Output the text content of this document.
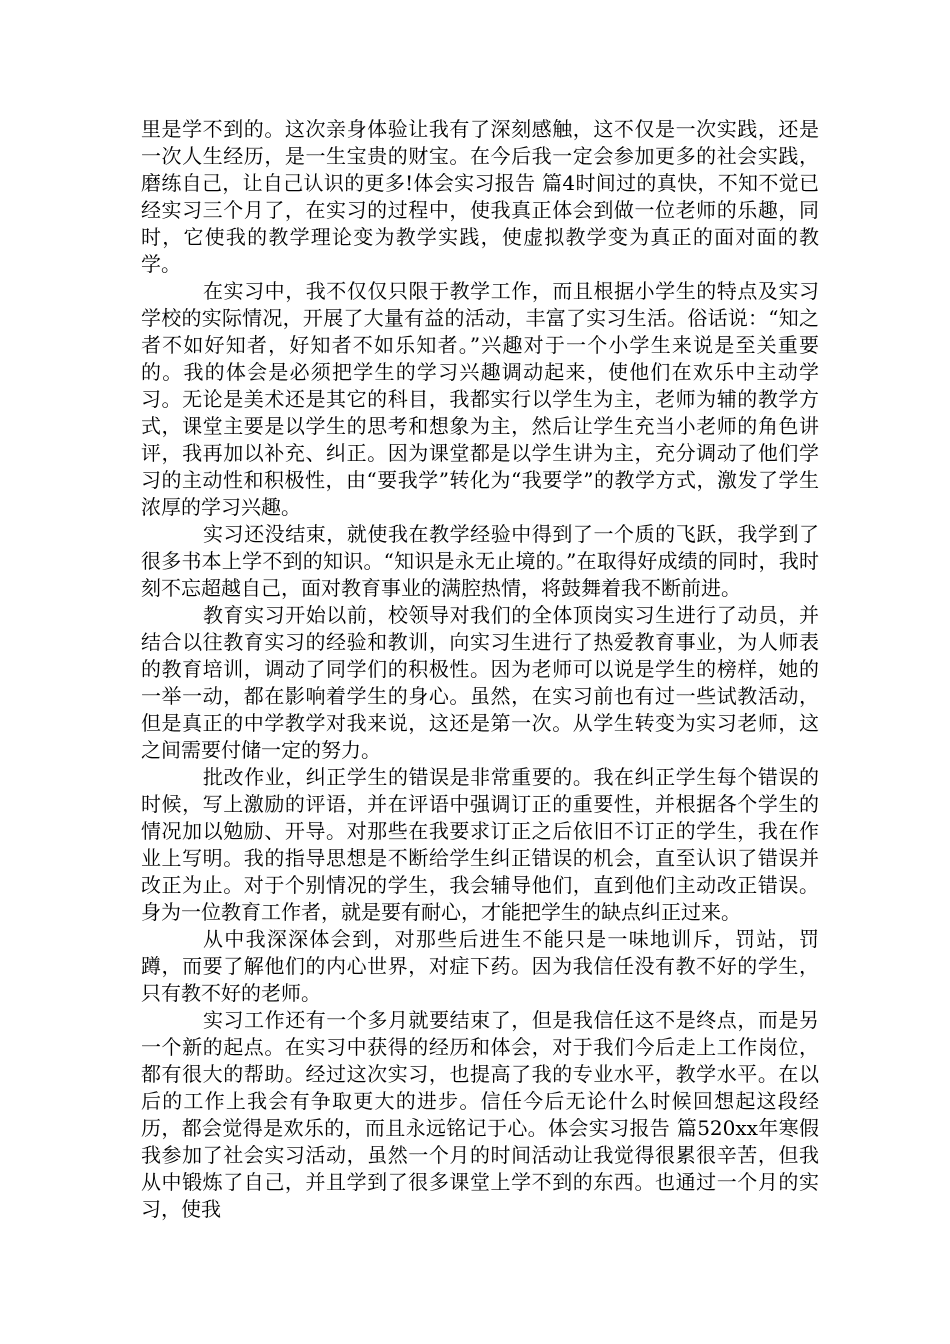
里是学不到的。这次亲身体验让我有了深刻感触，这不仅是一次实践，还是一次人生经历，是一生宝贵的财宝。在今后我一定会参加更多的社会实践，磨练自己，让自己认识的更多!体会实习报告 篇4时间过的真快，不知不觉已经实习三个月了，在实习的过程中，使我真正体会到做一位老师的乐趣，同时，它使我的教学理论变为教学实践，使虚拟教学变为真正的面对面的教学。

在实习中，我不仅仅只限于教学工作，而且根据小学生的特点及实习学校的实际情况，开展了大量有益的活动，丰富了实习生活。俗话说：“知之者不如好知者，好知者不如乐知者。”兴趣对于一个小学生来说是至关重要的。我的体会是必须把学生的学习兴趣调动起来，使他们在欢乐中主动学习。无论是美术还是其它的科目，我都实行以学生为主，老师为辅的教学方式，课堂主要是以学生的思考和想象为主，然后让学生充当小老师的角色讲评，我再加以补充、纠正。因为课堂都是以学生讲为主，充分调动了他们学习的主动性和积极性，由“要我学”转化为“我要学”的教学方式，激发了学生浓厚的学习兴趣。

实习还没结束，就使我在教学经验中得到了一个质的飞跃，我学到了很多书本上学不到的知识。“知识是永无止境的。”在取得好成绩的同时，我时刻不忘超越自己，面对教育事业的满腔热情，将鼓舞着我不断前进。

教育实习开始以前，校领导对我们的全体顶岗实习生进行了动员，并结合以往教育实习的经验和教训，向实习生进行了热爱教育事业，为人师表的教育培训，调动了同学们的积极性。因为老师可以说是学生的榜样，她的一举一动，都在影响着学生的身心。虽然，在实习前也有过一些试教活动，但是真正的中学教学对我来说，这还是第一次。从学生转变为实习老师，这之间需要付储一定的努力。

批改作业，纠正学生的错误是非常重要的。我在纠正学生每个错误的时候，写上激励的评语，并在评语中强调订正的重要性，并根据各个学生的情况加以勉励、开导。对那些在我要求订正之后依旧不订正的学生，我在作业上写明。我的指导思想是不断给学生纠正错误的机会，直至认识了错误并改正为止。对于个别情况的学生，我会辅导他们，直到他们主动改正错误。身为一位教育工作者，就是要有耐心，才能把学生的缺点纠正过来。

从中我深深体会到，对那些后进生不能只是一味地训斥，罚站，罚蹲，而要了解他们的内心世界，对症下药。因为我信任没有教不好的学生，只有教不好的老师。

实习工作还有一个多月就要结束了，但是我信任这不是终点，而是另一个新的起点。在实习中获得的经历和体会，对于我们今后走上工作岗位，都有很大的帮助。经过这次实习，也提高了我的专业水平，教学水平。在以后的工作上我会有争取更大的进步。信任今后无论什么时候回想起这段经历，都会觉得是欢乐的，而且永远铭记于心。体会实习报告 篇520xx年寒假我参加了社会实习活动，虽然一个月的时间活动让我觉得很累很辛苦，但我从中锻炼了自己，并且学到了很多课堂上学不到的东西。也通过一个月的实习，使我
